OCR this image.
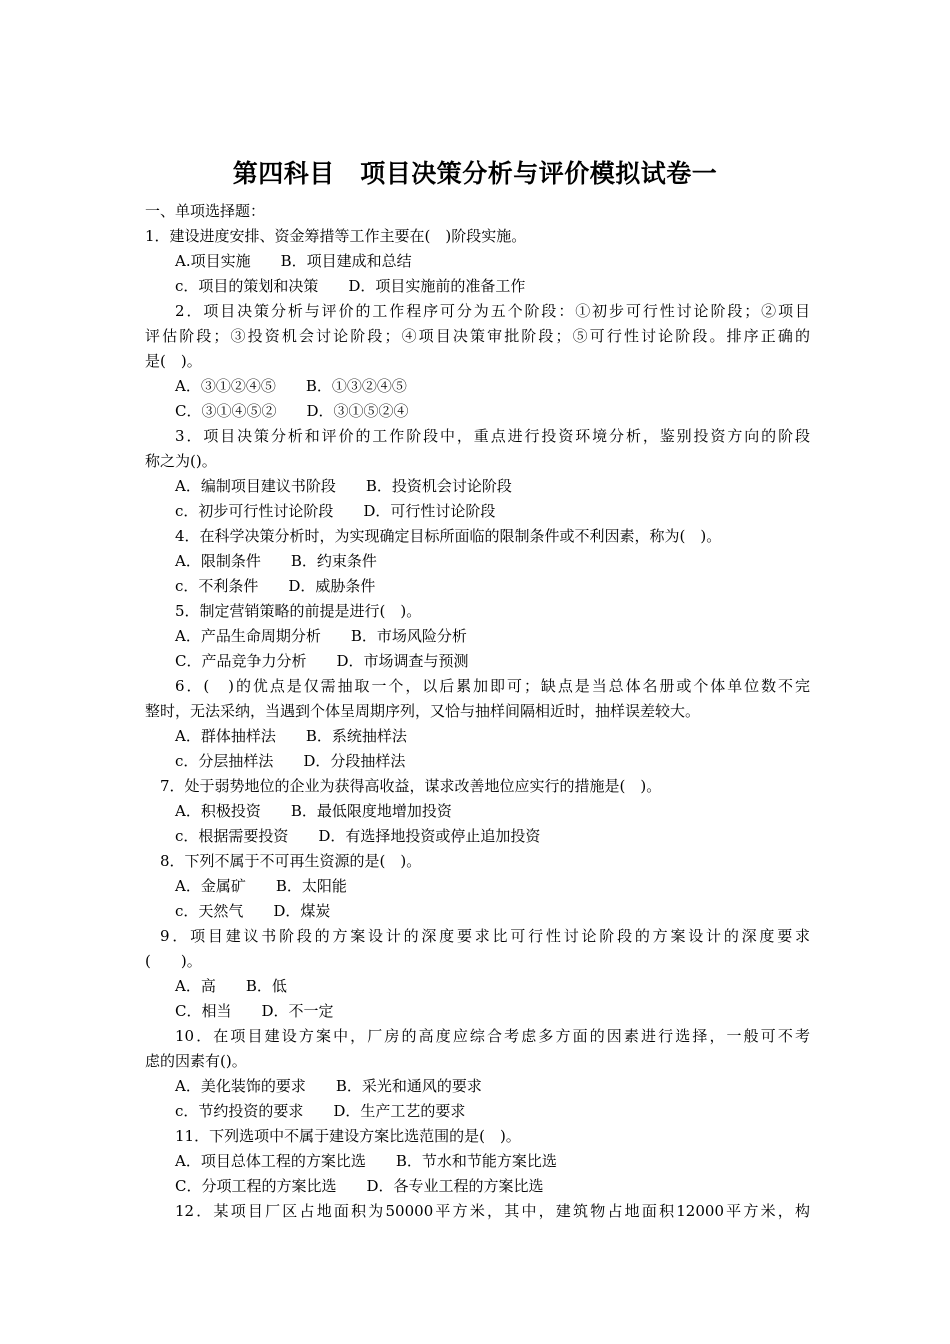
第四科目　项目决策分析与评价模拟试卷一
一、单项选择题：
1．建设进度安排、资金筹措等工作主要在(　)阶段实施。
A.项目实施　　B．项目建成和总结
c．项目的策划和决策　　D．项目实施前的准备工作
2．项目决策分析与评价的工作程序可分为五个阶段：①初步可行性讨论阶段；②项目
评估阶段；③投资机会讨论阶段；④项目决策审批阶段；⑤可行性讨论阶段。排序正确的
是(　)。
A．③①②④⑤　　B．①③②④⑤
C．③①④⑤②　　D．③①⑤②④
3．项目决策分析和评价的工作阶段中，重点进行投资环境分析，鉴别投资方向的阶段
称之为()。
A．编制项目建议书阶段　　B．投资机会讨论阶段
c．初步可行性讨论阶段　　D．可行性讨论阶段
4．在科学决策分析时，为实现确定目标所面临的限制条件或不利因素，称为(　)。
A．限制条件　　B．约束条件
c．不利条件　　D．威胁条件
5．制定营销策略的前提是进行(　)。
A．产品生命周期分析　　B．市场风险分析
C．产品竞争力分析　　D．市场调查与预测
6．(　)的优点是仅需抽取一个，以后累加即可；缺点是当总体名册或个体单位数不完
整时，无法采纳，当遇到个体呈周期序列，又恰与抽样间隔相近时，抽样误差较大。
A．群体抽样法　　B．系统抽样法
c．分层抽样法　　D．分段抽样法
7．处于弱势地位的企业为获得高收益，谋求改善地位应实行的措施是(　)。
A．积极投资　　B．最低限度地增加投资
c．根据需要投资　　D．有选择地投资或停止追加投资
8．下列不属于不可再生资源的是(　)。
A．金属矿　　B．太阳能
c．天然气　　D．煤炭
9．项目建议书阶段的方案设计的深度要求比可行性讨论阶段的方案设计的深度要求
(　　)。
A．高　　B．低
C．相当　　D．不一定
10．在项目建设方案中，厂房的高度应综合考虑多方面的因素进行选择，一般可不考
虑的因素有()。
A．美化装饰的要求　　B．采光和通风的要求
c．节约投资的要求　　D．生产工艺的要求
11．下列选项中不属于建设方案比选范围的是(　)。
A．项目总体工程的方案比选　　B．节水和节能方案比选
C．分项工程的方案比选　　D．各专业工程的方案比选
12．某项目厂区占地面积为50000平方米，其中，建筑物占地面积12000平方米，构
